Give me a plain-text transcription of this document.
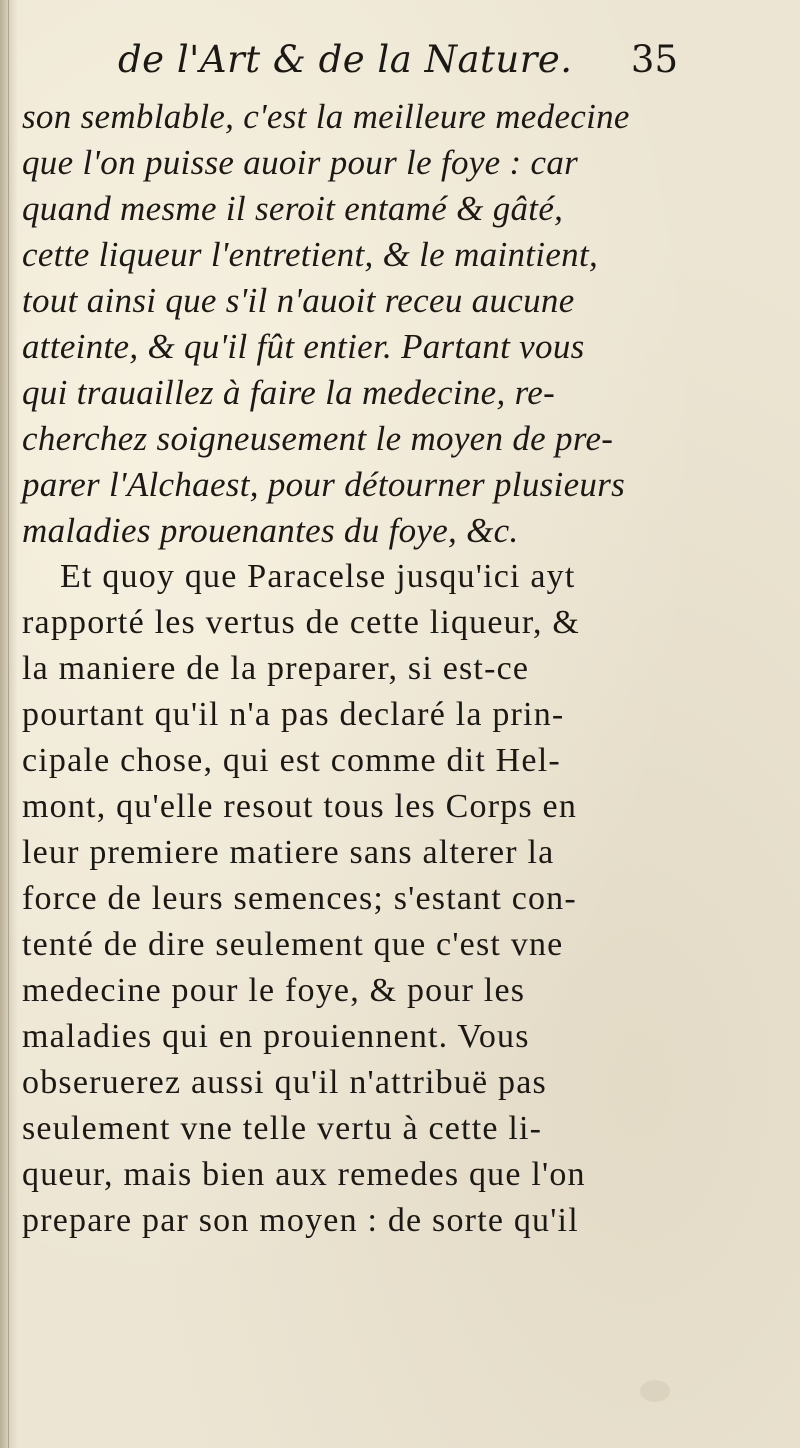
de l'Art & de la Nature. 35
son semblable, c'est la meilleure medecine
que l'on puisse auoir pour le foye : car
quand mesme il seroit entamé & gâté,
cette liqueur l'entretient, & le maintient,
tout ainsi que s'il n'auoit receu aucune
atteinte, & qu'il fût entier. Partant vous
qui trauaillez à faire la medecine, re-
cherchez soigneusement le moyen de pre-
parer l'Alchaest, pour détourner plusieurs
maladies prouenantes du foye, &c.
Et quoy que Paracelse jusqu'ici ayt
rapporté les vertus de cette liqueur, &
la maniere de la preparer, si est-ce
pourtant qu'il n'a pas declaré la prin-
cipale chose, qui est comme dit Hel-
mont, qu'elle resout tous les Corps en
leur premiere matiere sans alterer la
force de leurs semences; s'estant con-
tenté de dire seulement que c'est vne
medecine pour le foye, & pour les
maladies qui en prouiennent. Vous
obseruerez aussi qu'il n'attribuë pas
seulement vne telle vertu à cette li-
queur, mais bien aux remedes que l'on
prepare par son moyen : de sorte qu'il
